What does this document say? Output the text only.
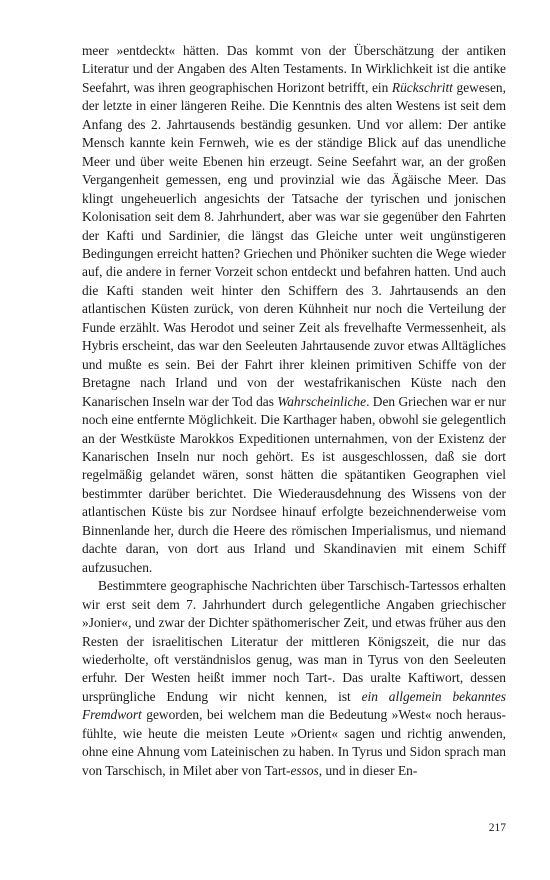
meer »entdeckt« hätten. Das kommt von der Überschätzung der antiken Literatur und der Angaben des Alten Testaments. In Wirklichkeit ist die antike Seefahrt, was ihren geographischen Horizont betrifft, ein Rückschritt gewesen, der letzte in einer längeren Reihe. Die Kenntnis des alten Westens ist seit dem Anfang des 2. Jahrtausends beständig gesunken. Und vor allem: Der antike Mensch kannte kein Fernweh, wie es der ständige Blick auf das unendliche Meer und über weite Ebenen hin erzeugt. Seine Seefahrt war, an der großen Vergangenheit gemessen, eng und provinzial wie das Ägäische Meer. Das klingt ungeheuerlich angesichts der Tatsache der tyrischen und jonischen Kolonisation seit dem 8. Jahrhundert, aber was war sie gegenüber den Fahrten der Kafti und Sardinier, die längst das Gleiche unter weit ungünstigeren Bedingungen erreicht hatten? Griechen und Phöniker suchten die Wege wieder auf, die andere in ferner Vorzeit schon entdeckt und befahren hatten. Und auch die Kafti standen weit hinter den Schiffern des 3. Jahrtausends an den atlantischen Küsten zurück, von deren Kühnheit nur noch die Verteilung der Funde erzählt. Was Herodot und seiner Zeit als frevelhafte Vermessenheit, als Hybris erscheint, das war den Seeleuten Jahrtausende zuvor etwas Alltägliches und mußte es sein. Bei der Fahrt ihrer kleinen primitiven Schiffe von der Bretagne nach Irland und von der westafrikanischen Küste nach den Kanarischen Inseln war der Tod das Wahrscheinliche. Den Griechen war er nur noch eine entfernte Möglichkeit. Die Karthager haben, obwohl sie gelegentlich an der Westküste Marokkos Expeditionen unternahmen, von der Existenz der Kanarischen Inseln nur noch gehört. Es ist ausgeschlossen, daß sie dort regelmäßig gelandet wären, sonst hätten die spätantiken Geographen viel bestimmter darüber berichtet. Die Wiederausdehnung des Wissens von der atlantischen Küste bis zur Nordsee hinauf erfolgte bezeichnenderweise vom Binnenlande her, durch die Heere des römischen Imperialismus, und niemand dachte daran, von dort aus Irland und Skandinavien mit einem Schiff aufzusuchen.

Bestimmtere geographische Nachrichten über Tarschisch-Tartessos erhalten wir erst seit dem 7. Jahrhundert durch gelegentliche Angaben griechischer »Jonier«, und zwar der Dichter späthomerischer Zeit, und etwas früher aus den Resten der israelitischen Literatur der mittleren Königszeit, die nur das wiederholte, oft verständnislos genug, was man in Tyrus von den Seeleuten erfuhr. Der Westen heißt immer noch Tart-. Das uralte Kaftiwort, dessen ursprüngliche Endung wir nicht kennen, ist ein allgemein bekanntes Fremdwort geworden, bei welchem man die Bedeutung »West« noch herausfühlte, wie heute die meisten Leute »Orient« sagen und richtig anwenden, ohne eine Ahnung vom Lateinischen zu haben. In Tyrus und Sidon sprach man von Tarschisch, in Milet aber von Tart-essos, und in dieser En-

217
